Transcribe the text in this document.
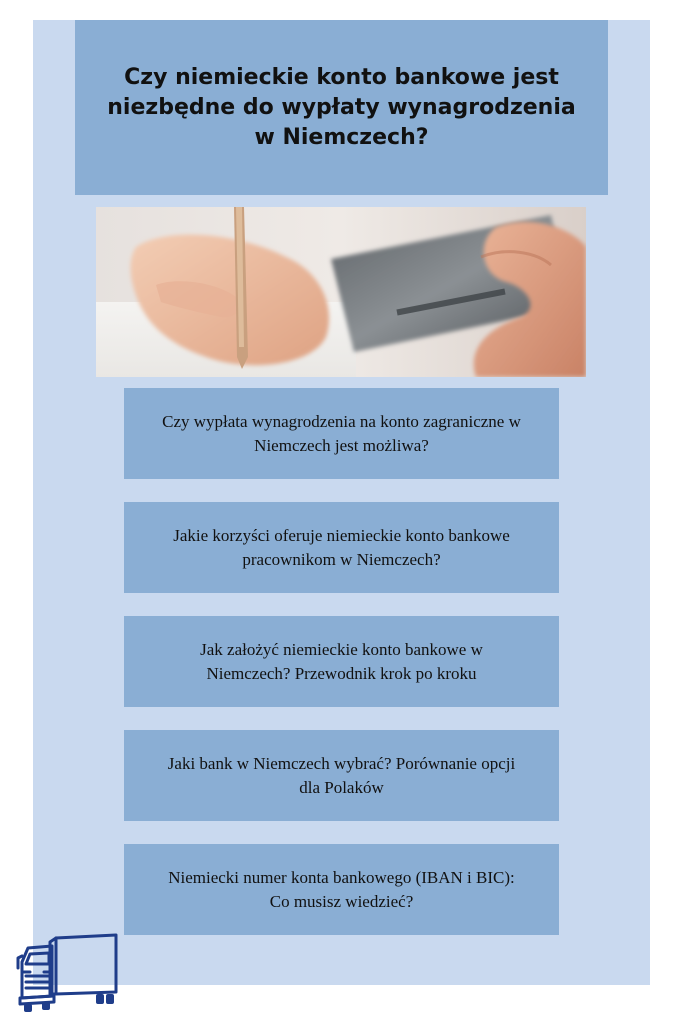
Czy niemieckie konto bankowe jest niezbędne do wypłaty wynagrodzenia w Niemczech?

Czy wypłata wynagrodzenia na konto zagraniczne w Niemczech jest możliwa?

Jakie korzyści oferuje niemieckie konto bankowe pracownikom w Niemczech?

Jak założyć niemieckie konto bankowe w Niemczech? Przewodnik krok po kroku

Jaki bank w Niemczech wybrać? Porównanie opcji dla Polaków

Niemiecki numer konta bankowego (IBAN i BIC): Co musisz wiedzieć?
